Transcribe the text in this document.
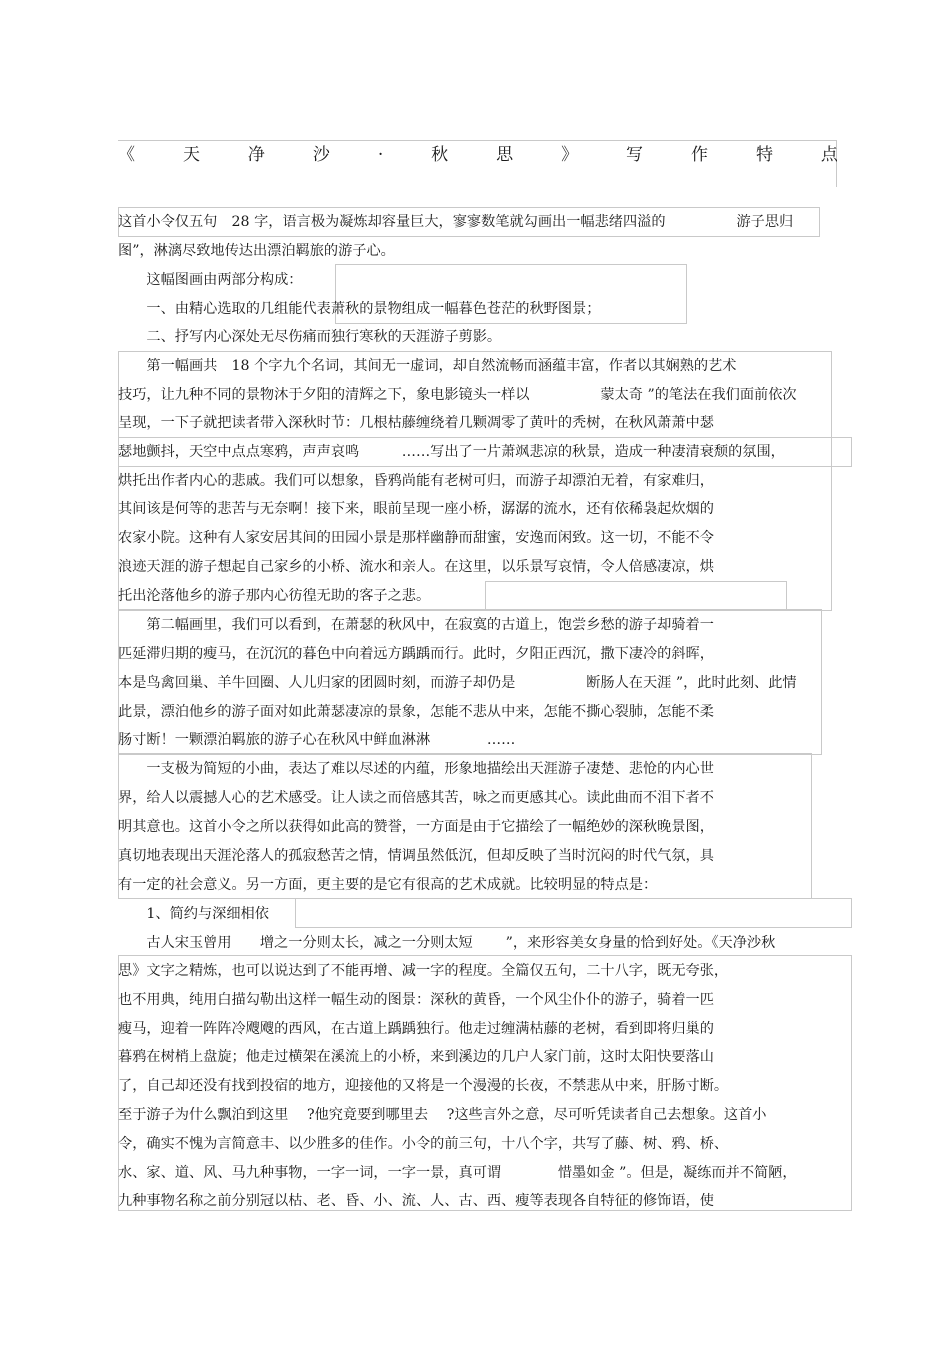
《	天	净	沙	.	秋	思	》	写	作	特	点
这首小令仅五句　28 字，语言极为凝炼却容量巨大，寥寥数笔就勾画出一幅悲绪四溢的　　　　　游子思归
图”，淋漓尽致地传达出漂泊羁旅的游子心。
　　这幅图画由两部分构成：
　　一、由精心选取的几组能代表萧秋的景物组成一幅暮色苍茫的秋野图景；
　　二、抒写内心深处无尽伤痛而独行寒秋的天涯游子剪影。
　　第一幅画共　18 个字九个名词，其间无一虚词，却自然流畅而涵蕴丰富，作者以其娴熟的艺术
技巧，让九种不同的景物沐于夕阳的清辉之下，象电影镜头一样以　　　　　蒙太奇 ”的笔法在我们面前依次
呈现，一下子就把读者带入深秋时节：几根枯藤缠绕着几颗凋零了黄叶的秃树，在秋风萧萧中瑟
瑟地颤抖，天空中点点寒鸦，声声哀鸣　　　……写出了一片萧飒悲凉的秋景，造成一种凄清衰颓的氛围，
烘托出作者内心的悲戚。我们可以想象，昏鸦尚能有老树可归，而游子却漂泊无着，有家难归，
其间该是何等的悲苦与无奈啊！接下来，眼前呈现一座小桥，潺潺的流水，还有依稀袅起炊烟的
农家小院。这种有人家安居其间的田园小景是那样幽静而甜蜜，安逸而闲致。这一切，不能不令
浪迹天涯的游子想起自己家乡的小桥、流水和亲人。在这里，以乐景写哀情，令人倍感凄凉，烘
托出沦落他乡的游子那内心彷徨无助的客子之悲。
　　第二幅画里，我们可以看到，在萧瑟的秋风中，在寂寞的古道上，饱尝乡愁的游子却骑着一
匹延滞归期的瘦马，在沉沉的暮色中向着远方踽踽而行。此时，夕阳正西沉，撒下凄冷的斜晖，
本是鸟禽回巢、羊牛回圈、人儿归家的团圆时刻，而游子却仍是　　　　　断肠人在天涯 ”，此时此刻、此情
此景，漂泊他乡的游子面对如此萧瑟凄凉的景象，怎能不悲从中来，怎能不撕心裂肺，怎能不柔
肠寸断！一颗漂泊羁旅的游子心在秋风中鲜血淋淋　　　　……
　　一支极为简短的小曲，表达了难以尽述的内蕴，形象地描绘出天涯游子凄楚、悲怆的内心世
界，给人以震撼人心的艺术感受。让人读之而倍感其苦，咏之而更感其心。读此曲而不泪下者不
明其意也。这首小令之所以获得如此高的赞誉，一方面是由于它描绘了一幅绝妙的深秋晚景图，
真切地表现出天涯沦落人的孤寂愁苦之情，情调虽然低沉，但却反映了当时沉闷的时代气氛，具
有一定的社会意义。另一方面，更主要的是它有很高的艺术成就。比较明显的特点是：
　　1、简约与深细相依
　　古人宋玉曾用　　增之一分则太长，减之一分则太短　　 ”，来形容美女身量的恰到好处。《天净沙秋
思》文字之精炼，也可以说达到了不能再增、减一字的程度。全篇仅五句，二十八字，既无夸张，
也不用典，纯用白描勾勒出这样一幅生动的图景：深秋的黄昏，一个风尘仆仆的游子，骑着一匹
瘦马，迎着一阵阵冷飕飕的西风，在古道上踽踽独行。他走过缠满枯藤的老树，看到即将归巢的
暮鸦在树梢上盘旋；他走过横架在溪流上的小桥，来到溪边的几户人家门前，这时太阳快要落山
了，自己却还没有找到投宿的地方，迎接他的又将是一个漫漫的长夜，不禁悲从中来，肝肠寸断。
至于游子为什么飘泊到这里　 ?他究竟要到哪里去　 ?这些言外之意，尽可听凭读者自己去想象。这首小
令，确实不愧为言简意丰、以少胜多的佳作。小令的前三句，十八个字，共写了藤、树、鸦、桥、
水、家、道、风、马九种事物，一字一词，一字一景，真可谓　　　　惜墨如金 ”。但是，凝练而并不简陋，
九种事物名称之前分别冠以枯、老、昏、小、流、人、古、西、瘦等表现各自特征的修饰语，使
